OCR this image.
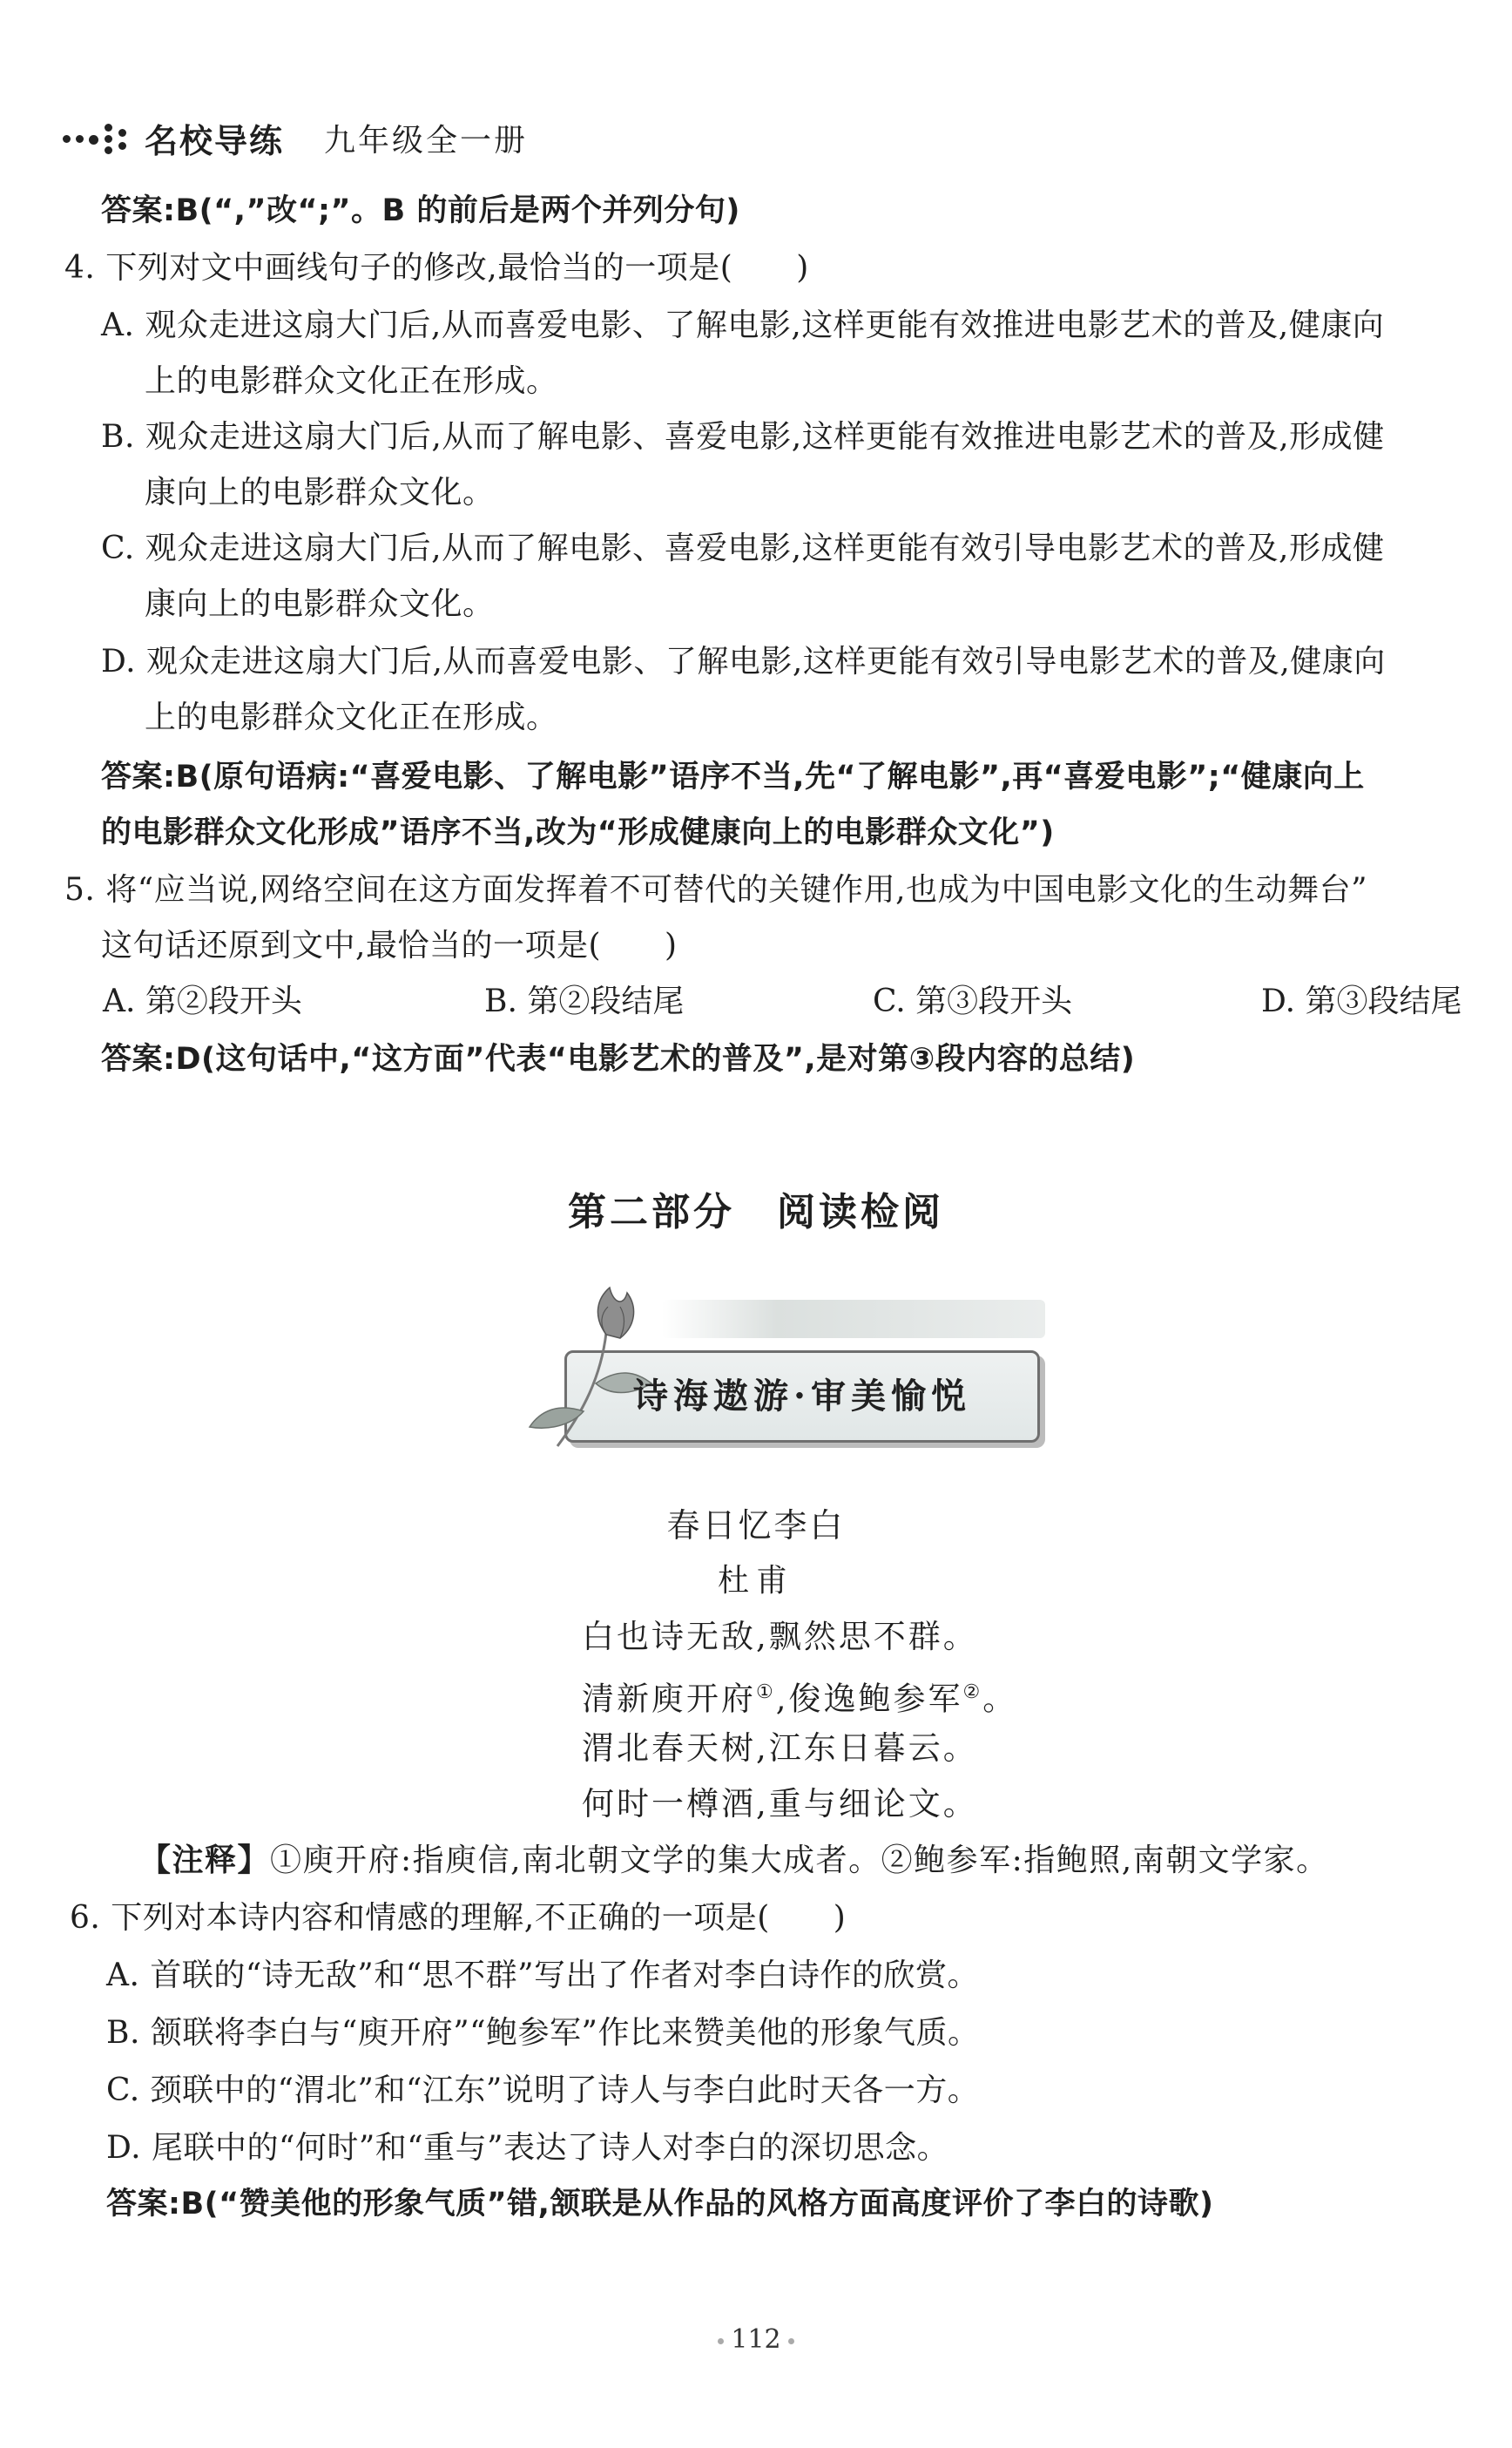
名校导练 九年级全一册
答案:B(“,”改“;”。B 的前后是两个并列分句)
4. 下列对文中画线句子的修改,最恰当的一项是(　　)
A. 观众走进这扇大门后,从而喜爱电影、了解电影,这样更能有效推进电影艺术的普及,健康向
上的电影群众文化正在形成。
B. 观众走进这扇大门后,从而了解电影、喜爱电影,这样更能有效推进电影艺术的普及,形成健
康向上的电影群众文化。
C. 观众走进这扇大门后,从而了解电影、喜爱电影,这样更能有效引导电影艺术的普及,形成健
康向上的电影群众文化。
D. 观众走进这扇大门后,从而喜爱电影、了解电影,这样更能有效引导电影艺术的普及,健康向
上的电影群众文化正在形成。
答案:B(原句语病:“喜爱电影、了解电影”语序不当,先“了解电影”,再“喜爱电影”;“健康向上
的电影群众文化形成”语序不当,改为“形成健康向上的电影群众文化”)
5. 将“应当说,网络空间在这方面发挥着不可替代的关键作用,也成为中国电影文化的生动舞台”
这句话还原到文中,最恰当的一项是(　　)
A. 第②段开头	B. 第②段结尾	C. 第③段开头	D. 第③段结尾
答案:D(这句话中,“这方面”代表“电影艺术的普及”,是对第③段内容的总结)
第二部分　阅读检阅
诗海遨游·审美愉悦
春日忆李白
杜甫
白也诗无敌,飘然思不群。
清新庾开府①,俊逸鲍参军②。
渭北春天树,江东日暮云。
何时一樽酒,重与细论文。
【注释】①庾开府:指庾信,南北朝文学的集大成者。②鲍参军:指鲍照,南朝文学家。
6. 下列对本诗内容和情感的理解,不正确的一项是(　　)
A. 首联的“诗无敌”和“思不群”写出了作者对李白诗作的欣赏。
B. 颔联将李白与“庾开府”“鲍参军”作比来赞美他的形象气质。
C. 颈联中的“渭北”和“江东”说明了诗人与李白此时天各一方。
D. 尾联中的“何时”和“重与”表达了诗人对李白的深切思念。
答案:B(“赞美他的形象气质”错,颔联是从作品的风格方面高度评价了李白的诗歌)
112
